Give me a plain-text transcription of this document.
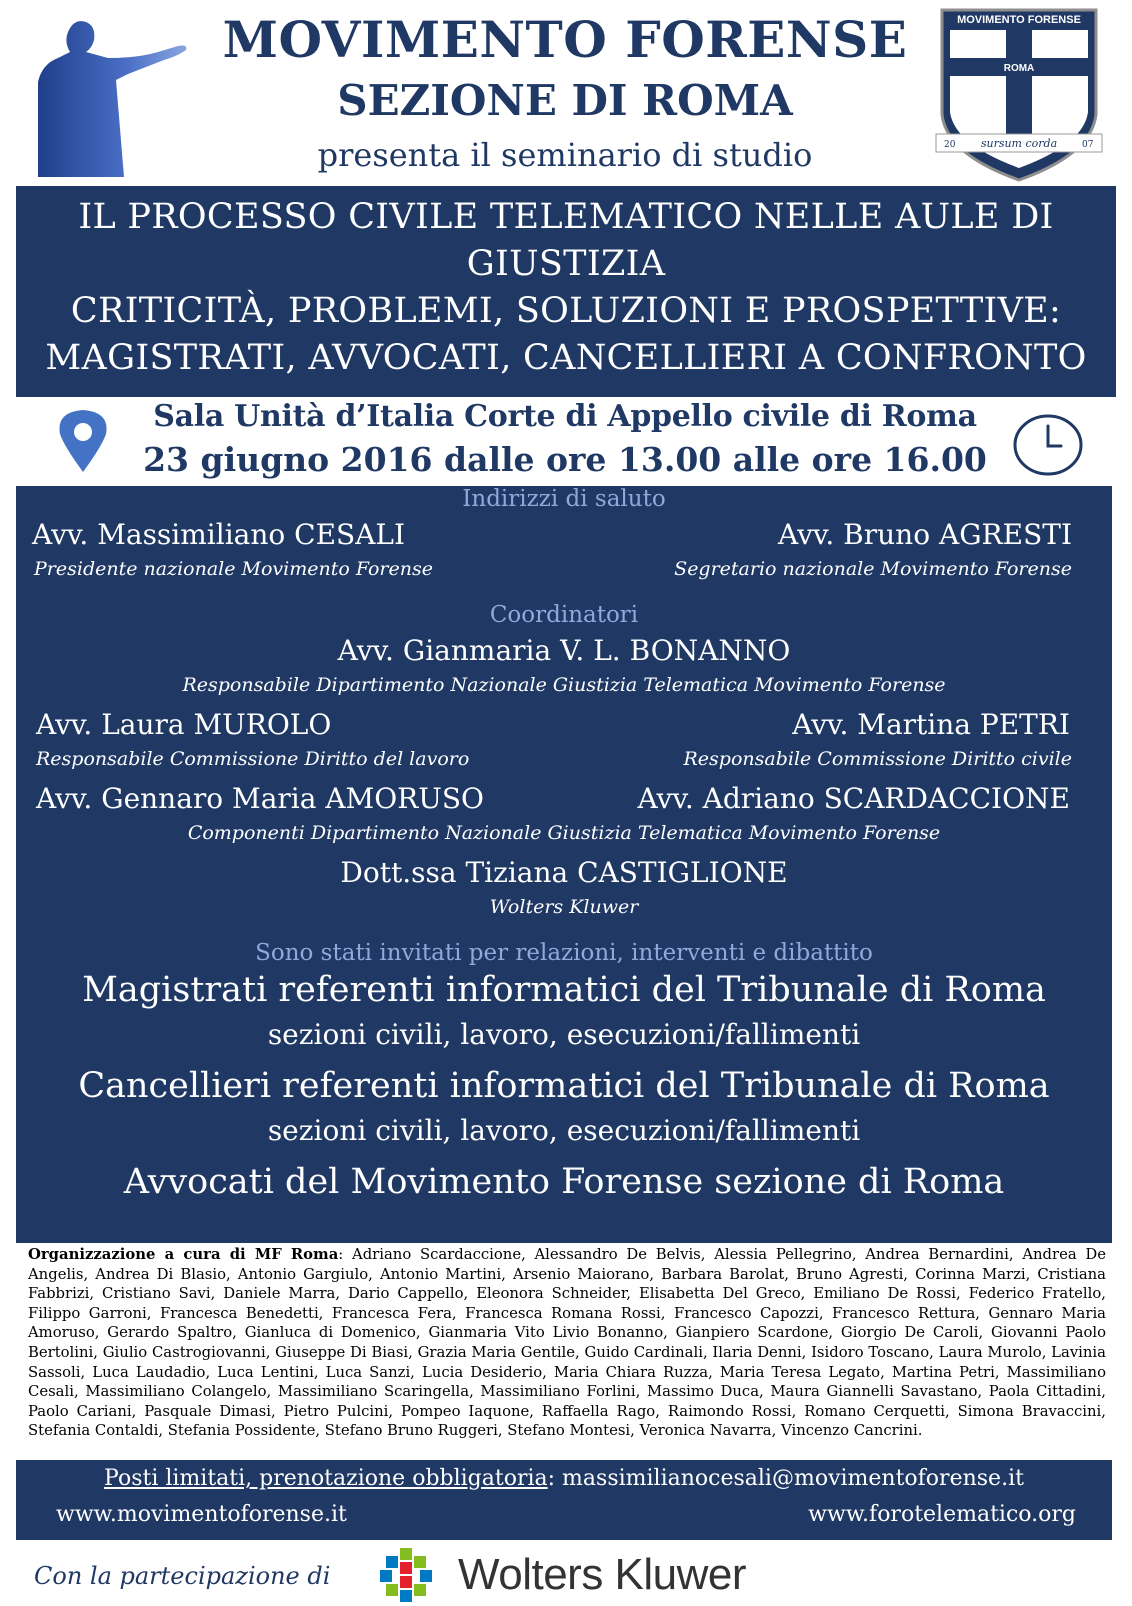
MOVIMENTO FORENSE
SEZIONE DI ROMA
presenta il seminario di studio
MOVIMENTO FORENSE
ROMA
sursum corda
20	07
IL PROCESSO CIVILE TELEMATICO NELLE AULE DI
GIUSTIZIA
CRITICITÀ, PROBLEMI, SOLUZIONI E PROSPETTIVE:
MAGISTRATI, AVVOCATI, CANCELLIERI A CONFRONTO
Sala Unità d’Italia Corte di Appello civile di Roma
23 giugno 2016 dalle ore 13.00 alle ore 16.00
Indirizzi di saluto
Avv. Massimiliano CESALI
Presidente nazionale Movimento Forense
Avv. Bruno AGRESTI
Segretario nazionale Movimento Forense
Coordinatori
Avv. Gianmaria V. L. BONANNO
Responsabile Dipartimento Nazionale Giustizia Telematica Movimento Forense
Avv. Laura MUROLO
Responsabile Commissione Diritto del lavoro
Avv. Martina PETRI
Responsabile Commissione Diritto civile
Avv. Gennaro Maria AMORUSO	Avv. Adriano SCARDACCIONE
Componenti Dipartimento Nazionale Giustizia Telematica Movimento Forense
Dott.ssa Tiziana CASTIGLIONE
Wolters Kluwer
Sono stati invitati per relazioni, interventi e dibattito
Magistrati referenti informatici del Tribunale di Roma
sezioni civili, lavoro, esecuzioni/fallimenti
Cancellieri referenti informatici del Tribunale di Roma
sezioni civili, lavoro, esecuzioni/fallimenti
Avvocati del Movimento Forense sezione di Roma
Organizzazione a cura di MF Roma: Adriano Scardaccione, Alessandro De Belvis, Alessia Pellegrino, Andrea Bernardini, Andrea De Angelis, Andrea Di Blasio, Antonio Gargiulo, Antonio Martini, Arsenio Maiorano, Barbara Barolat, Bruno Agresti, Corinna Marzi, Cristiana Fabbrizi, Cristiano Savi, Daniele Marra, Dario Cappello, Eleonora Schneider, Elisabetta Del Greco, Emiliano De Rossi, Federico Fratello, Filippo Garroni, Francesca Benedetti, Francesca Fera, Francesca Romana Rossi, Francesco Capozzi, Francesco Rettura, Gennaro Maria Amoruso, Gerardo Spaltro, Gianluca di Domenico, Gianmaria Vito Livio Bonanno, Gianpiero Scardone, Giorgio De Caroli, Giovanni Paolo Bertolini, Giulio Castrogiovanni, Giuseppe Di Biasi, Grazia Maria Gentile, Guido Cardinali, Ilaria Denni, Isidoro Toscano, Laura Murolo, Lavinia Sassoli, Luca Laudadio, Luca Lentini, Luca Sanzi, Lucia Desiderio, Maria Chiara Ruzza, Maria Teresa Legato, Martina Petri, Massimiliano Cesali, Massimiliano Colangelo, Massimiliano Scaringella, Massimiliano Forlini, Massimo Duca, Maura Giannelli Savastano, Paola Cittadini, Paolo Cariani, Pasquale Dimasi, Pietro Pulcini, Pompeo Iaquone, Raffaella Rago, Raimondo Rossi, Romano Cerquetti, Simona Bravaccini, Stefania Contaldi, Stefania Possidente, Stefano Bruno Ruggeri, Stefano Montesi, Veronica Navarra, Vincenzo Cancrini.
Posti limitati, prenotazione obbligatoria: massimilianocesali@movimentoforense.it
www.movimentoforense.it	www.forotelematico.org
Con la partecipazione di	Wolters Kluwer
